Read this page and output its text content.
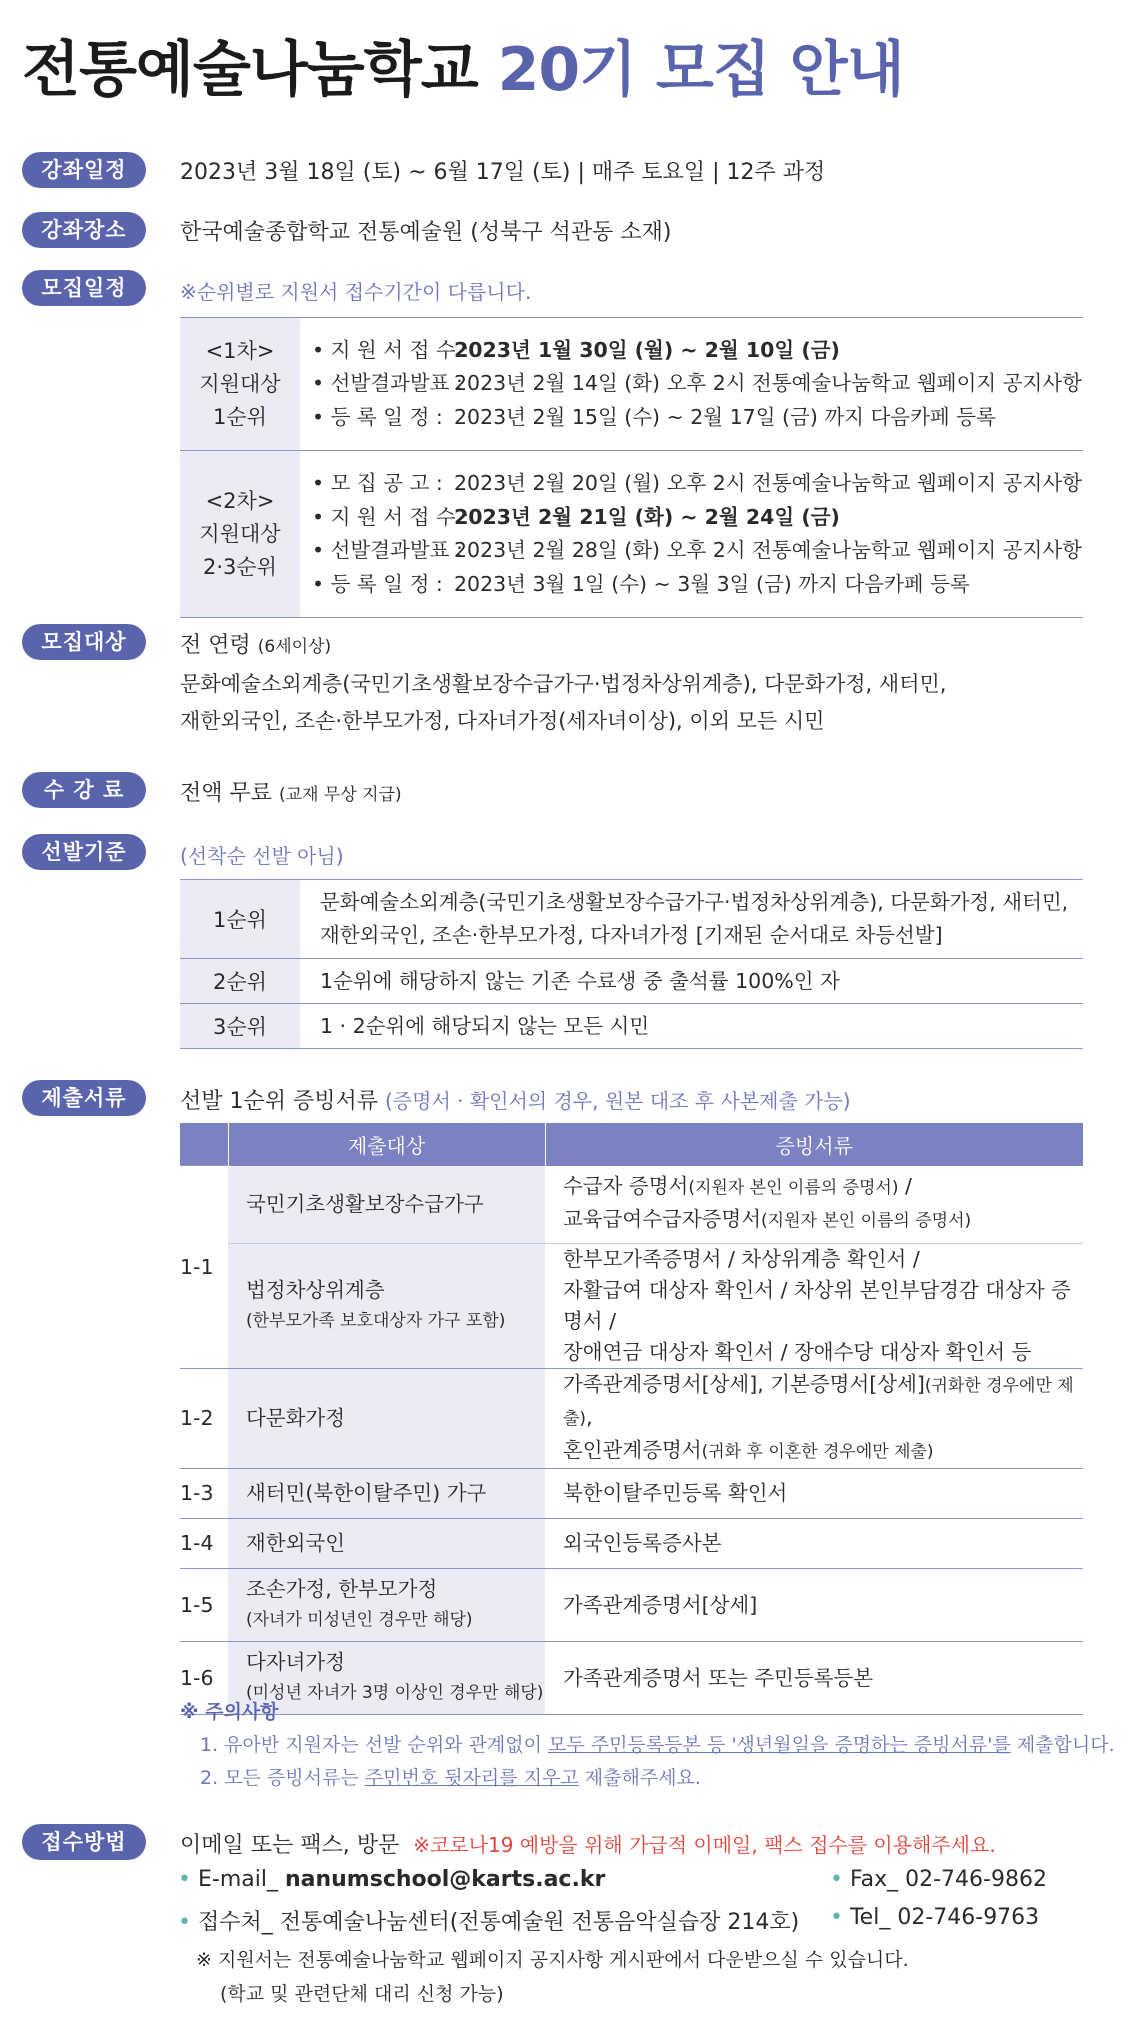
전통예술나눔학교 20기 모집 안내
강좌일정	2023년 3월 18일 (토) ~ 6월 17일 (토) | 매주 토요일 | 12주 과정
강좌장소	한국예술종합학교 전통예술원 (성북구 석관동 소재)
모집일정	※순위별로 지원서 접수기간이 다릅니다.
<1차>
지원대상
1순위	• 지 원 서 접 수 :2023년 1월 30일 (월) ~ 2월 10일 (금)
• 선발결과발표 :2023년 2월 14일 (화) 오후 2시 전통예술나눔학교 웹페이지 공지사항
• 등 록 일 정 : 2023년 2월 15일 (수) ~ 2월 17일 (금) 까지 다음카페 등록

<2차>
지원대상
2·3순위	• 모 집 공 고 : 2023년 2월 20일 (월) 오후 2시 전통예술나눔학교 웹페이지 공지사항
• 지 원 서 접 수 :2023년 2월 21일 (화) ~ 2월 24일 (금)
• 선발결과발표 :2023년 2월 28일 (화) 오후 2시 전통예술나눔학교 웹페이지 공지사항
• 등 록 일 정 : 2023년 3월 1일 (수) ~ 3월 3일 (금) 까지 다음카페 등록
모집대상	전 연령 (6세이상)
문화예술소외계층(국민기초생활보장수급가구·법정차상위계층), 다문화가정, 새터민,
재한외국인, 조손·한부모가정, 다자녀가정(세자녀이상), 이외 모든 시민
수 강 료	전액 무료 (교재 무상 지급)
선발기준	(선착순 선발 아님)
1순위	문화예술소외계층(국민기초생활보장수급가구·법정차상위계층), 다문화가정, 새터민,
재한외국인, 조손·한부모가정, 다자녀가정 [기재된 순서대로 차등선발]

2순위	1순위에 해당하지 않는 기존 수료생 중 출석률 100%인 자
3순위	1 · 2순위에 해당되지 않는 모든 시민
제출서류	선발 1순위 증빙서류 (증명서 · 확인서의 경우, 원본 대조 후 사본제출 가능)
	제출대상	증빙서류
1-1	국민기초생활보장수급가구	수급자 증명서(지원자 본인 이름의 증명서) /
교육급여수급자증명서(지원자 본인 이름의 증명서)

	법정차상위계층
(한부모가족 보호대상자 가구 포함)	한부모가족증명서 / 차상위계층 확인서 /
자활급여 대상자 확인서 / 차상위 본인부담경감 대상자 증명서 /
장애연금 대상자 확인서 / 장애수당 대상자 확인서 등

1-2	다문화가정	가족관계증명서[상세], 기본증명서[상세](귀화한 경우에만 제출),
혼인관계증명서(귀화 후 이혼한 경우에만 제출)

1-3	새터민(북한이탈주민) 가구	북한이탈주민등록 확인서
1-4	재한외국인	외국인등록증사본
1-5	조손가정, 한부모가정
(자녀가 미성년인 경우만 해당)	가족관계증명서[상세]
1-6	다자녀가정
(미성년 자녀가 3명 이상인 경우만 해당)	가족관계증명서 또는 주민등록등본
※ 주의사항
1. 유아반 지원자는 선발 순위와 관계없이 모두 주민등록등본 등 '생년월일을 증명하는 증빙서류'를 제출합니다.
2. 모든 증빙서류는 주민번호 뒷자리를 지우고 제출해주세요.
접수방법	이메일 또는 팩스, 방문 ※코로나19 예방을 위해 가급적 이메일, 팩스 접수를 이용해주세요.
• E-mail_ nanumschool@karts.ac.kr	• Fax_ 02-746-9862
• 접수처_ 전통예술나눔센터(전통예술원 전통음악실습장 214호) • Tel_ 02-746-9763
※ 지원서는 전통예술나눔학교 웹페이지 공지사항 게시판에서 다운받으실 수 있습니다.
(학교 및 관련단체 대리 신청 가능)
